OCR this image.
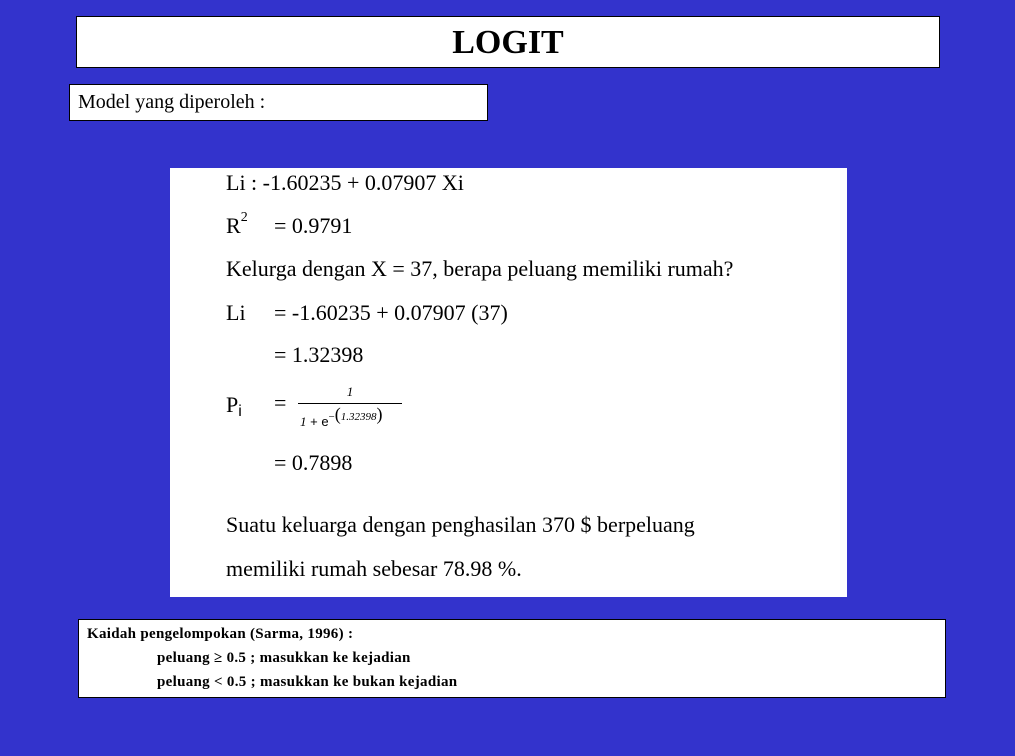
LOGIT
Model yang diperoleh :
Li : -1.60235 + 0.07907 Xi
$R^2 = 0.9791$
Kelurga dengan X = 37, berapa peluang memiliki rumah?
Li = -1.60235 + 0.07907 (37)
= 1.32398
Pi =	1
$1 + e^{-(1.32398)}$
= 0.7898
Suatu keluarga dengan penghasilan 370 $ berpeluang
memiliki rumah sebesar 78.98 %.
Kaidah pengelompokan (Sarma, 1996) :
peluang ≥ 0.5 ; masukkan ke kejadian
peluang < 0.5 ; masukkan ke bukan kejadian
